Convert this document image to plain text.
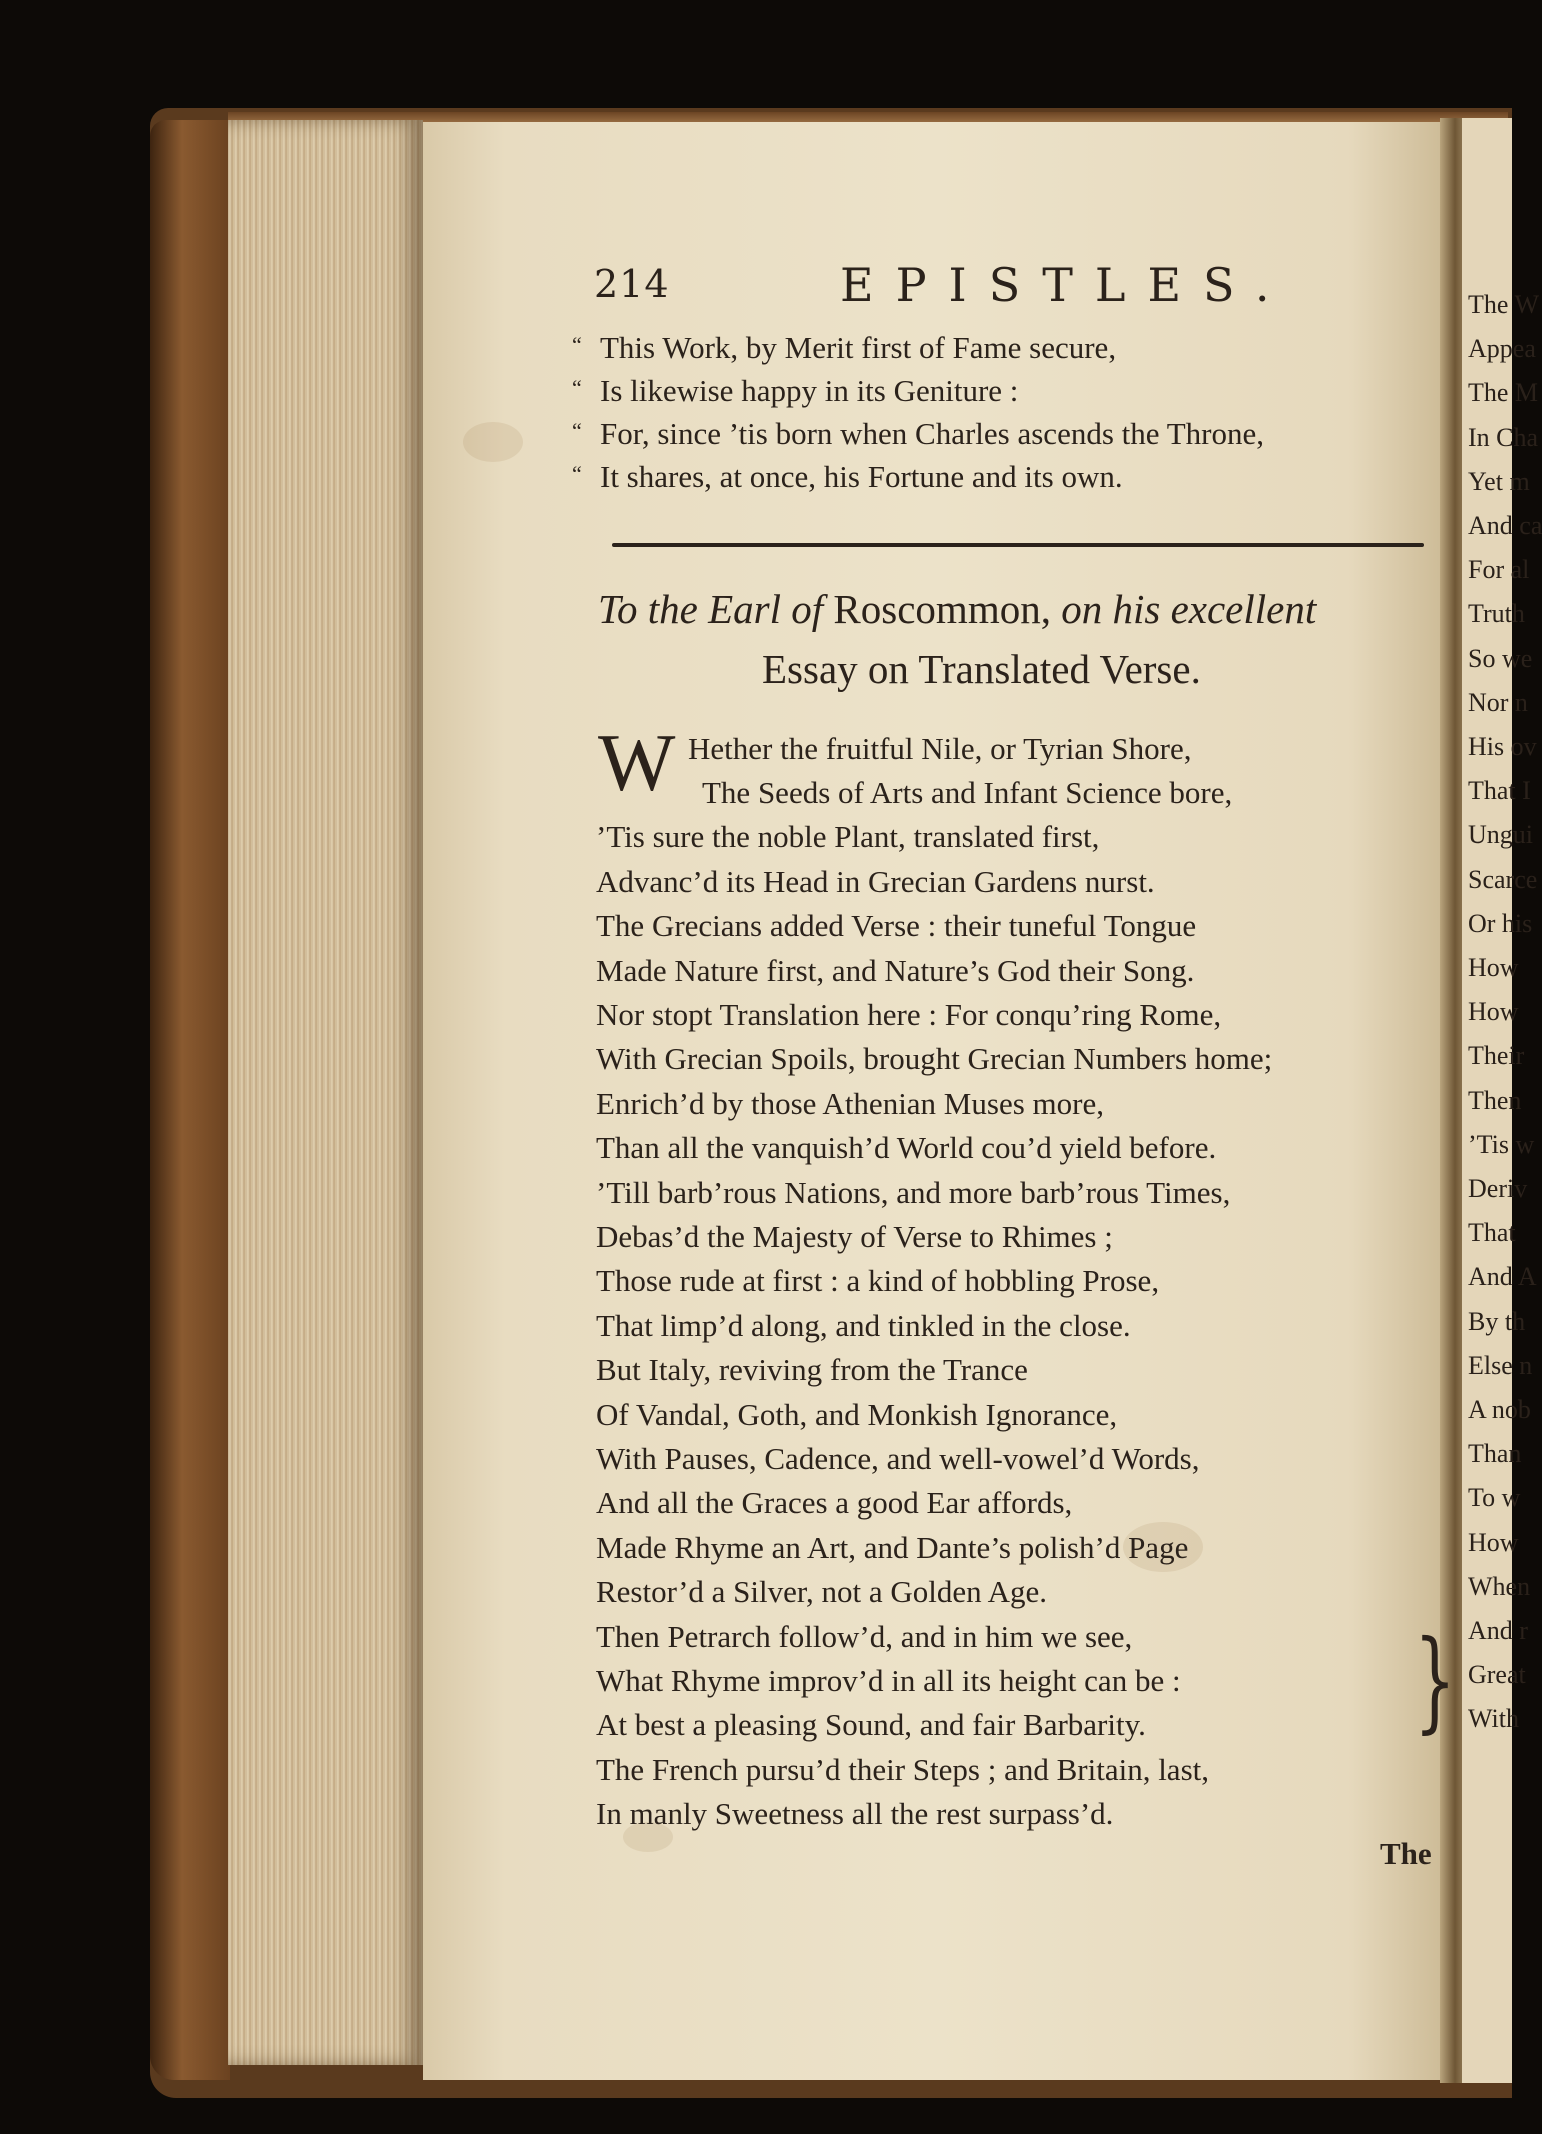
The W
Appea
The M
In Cha
Yet m
And ca
For al
Truth
So we
Nor n
His ov
That I
Ungui
Scarce
Or his
How
How
Their
Then
’Tis w
Deriv
That
And A
By th
Else n
A nob
Than
To w
How
When
And r
Great
With
214	EPISTLES.
“ This Work, by Merit first of Fame secure,
“ Is likewise happy in its Geniture :
“ For, since ’tis born when Charles ascends the Throne,
“ It shares, at once, his Fortune and its own.
To the Earl of Roscommon, on his excellent
Essay on Translated Verse.
W Hether the fruitful Nile, or Tyrian Shore,
The Seeds of Arts and Infant Science bore,
’Tis sure the noble Plant, translated first,
Advanc’d its Head in Grecian Gardens nurst.
The Grecians added Verse : their tuneful Tongue
Made Nature first, and Nature’s God their Song.
Nor stopt Translation here : For conqu’ring Rome,
With Grecian Spoils, brought Grecian Numbers home;
Enrich’d by those Athenian Muses more,
Than all the vanquish’d World cou’d yield before.
’Till barb’rous Nations, and more barb’rous Times,
Debas’d the Majesty of Verse to Rhimes ;
Those rude at first : a kind of hobbling Prose,
That limp’d along, and tinkled in the close.
But Italy, reviving from the Trance
Of Vandal, Goth, and Monkish Ignorance,
With Pauses, Cadence, and well-vowel’d Words,
And all the Graces a good Ear affords,
Made Rhyme an Art, and Dante’s polish’d Page
Restor’d a Silver, not a Golden Age.
Then Petrarch follow’d, and in him we see,
What Rhyme improv’d in all its height can be :
At best a pleasing Sound, and fair Barbarity.
The French pursu’d their Steps ; and Britain, last,
In manly Sweetness all the rest surpass’d.
}
The
